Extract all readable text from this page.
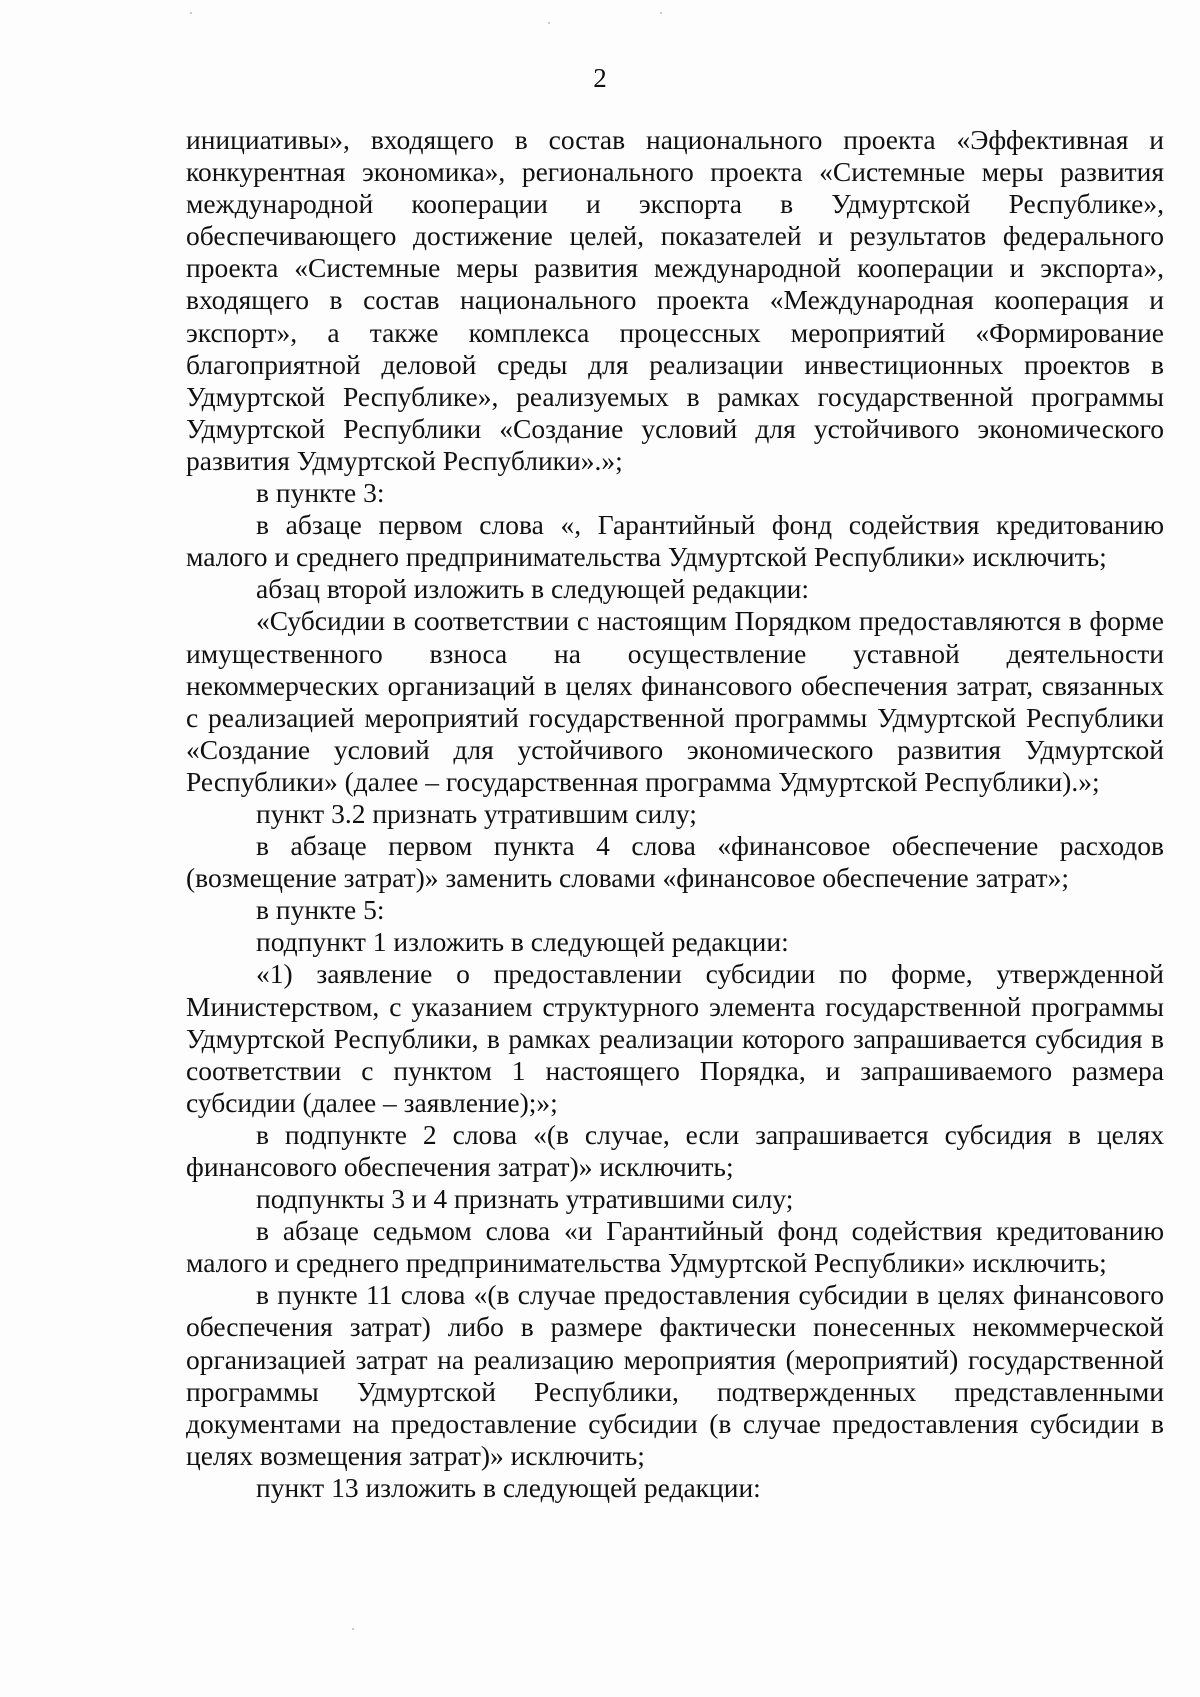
2

инициативы», входящего в состав национального проекта «Эффективная и конкурентная экономика», регионального проекта «Системные меры развития международной кооперации и экспорта в Удмуртской Республике», обеспечивающего достижение целей, показателей и результатов федерального проекта «Системные меры развития международной кооперации и экспорта», входящего в состав национального проекта «Международная кооперация и экспорт», а также комплекса процессных мероприятий «Формирование благоприятной деловой среды для реализации инвестиционных проектов в Удмуртской Республике», реализуемых в рамках государственной программы Удмуртской Республики «Создание условий для устойчивого экономического развития Удмуртской Республики».»;

в пункте 3:

в абзаце первом слова «, Гарантийный фонд содействия кредитованию малого и среднего предпринимательства Удмуртской Республики» исключить;

абзац второй изложить в следующей редакции:

«Субсидии в соответствии с настоящим Порядком предоставляются в форме имущественного взноса на осуществление уставной деятельности некоммерческих организаций в целях финансового обеспечения затрат, связанных с реализацией мероприятий государственной программы Удмуртской Республики «Создание условий для устойчивого экономического развития Удмуртской Республики» (далее – государственная программа Удмуртской Республики).»;

пункт 3.2 признать утратившим силу;

в абзаце первом пункта 4 слова «финансовое обеспечение расходов (возмещение затрат)» заменить словами «финансовое обеспечение затрат»;

в пункте 5:

подпункт 1 изложить в следующей редакции:

«1) заявление о предоставлении субсидии по форме, утвержденной Министерством, с указанием структурного элемента государственной программы Удмуртской Республики, в рамках реализации которого запрашивается субсидия в соответствии с пунктом 1 настоящего Порядка, и запрашиваемого размера субсидии (далее – заявление);»;

в подпункте 2 слова «(в случае, если запрашивается субсидия в целях финансового обеспечения затрат)» исключить;

подпункты 3 и 4 признать утратившими силу;

в абзаце седьмом слова «и Гарантийный фонд содействия кредитованию малого и среднего предпринимательства Удмуртской Республики» исключить;

в пункте 11 слова «(в случае предоставления субсидии в целях финансового обеспечения затрат) либо в размере фактически понесенных некоммерческой организацией затрат на реализацию мероприятия (мероприятий) государственной программы Удмуртской Республики, подтвержденных представленными документами на предоставление субсидии (в случае предоставления субсидии в целях возмещения затрат)» исключить;

пункт 13 изложить в следующей редакции:
